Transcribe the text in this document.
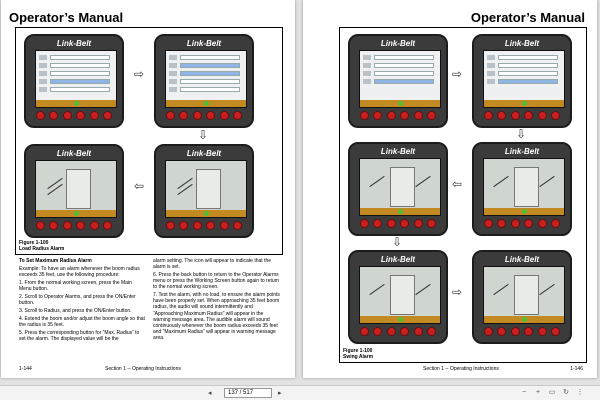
Operator’s Manual
Link-Belt
⇨
Link-Belt
⇩
Link-Belt
⇦
Link-Belt
Figure 1-100
Load Radius Alarm
To Set Maximum Radius Alarm

Example: To have an alarm whenever the boom radius exceeds 35 feet, use the following procedure:

1. From the normal working screen, press the Main Menu button.

2. Scroll to Operator Alarms, and press the ON/Enter button.

3. Scroll to Radius, and press the ON/Enter button.

4. Extend the boom and/or adjust the boom angle so that the radius is 35 feet.

5. Press the corresponding button for “Max. Radius” to set the alarm. The displayed value will be the

alarm setting. The icon will appear to indicate that the alarm is set.

6. Press the back button to return to the Operator Alarms menu or press the Working Screen button again to return to the normal working screen.

7. Test the alarm, with no load, to ensure the alarm points have been properly set. When approaching 35 feet boom radius, the audio will sound intermittently and “Approaching Maximum Radius” will appear in the warning message area. The audible alarm will sound continuously whenever the boom radius exceeds 35 feet and “Maximum Radius” will appear in warning message area.

1-144	Section 1 -- Operating Instructions
Operator’s Manual
Link-Belt
⇨
Link-Belt
⇩
Link-Belt
⇦
Link-Belt
⇩
Link-Belt
⇨
Link-Belt
Figure 1-100
Swing Alarm
Section 1 -- Operating Instructions	1-146
◂	137 / 517	▸	− + ▭ ↻ ⋮
